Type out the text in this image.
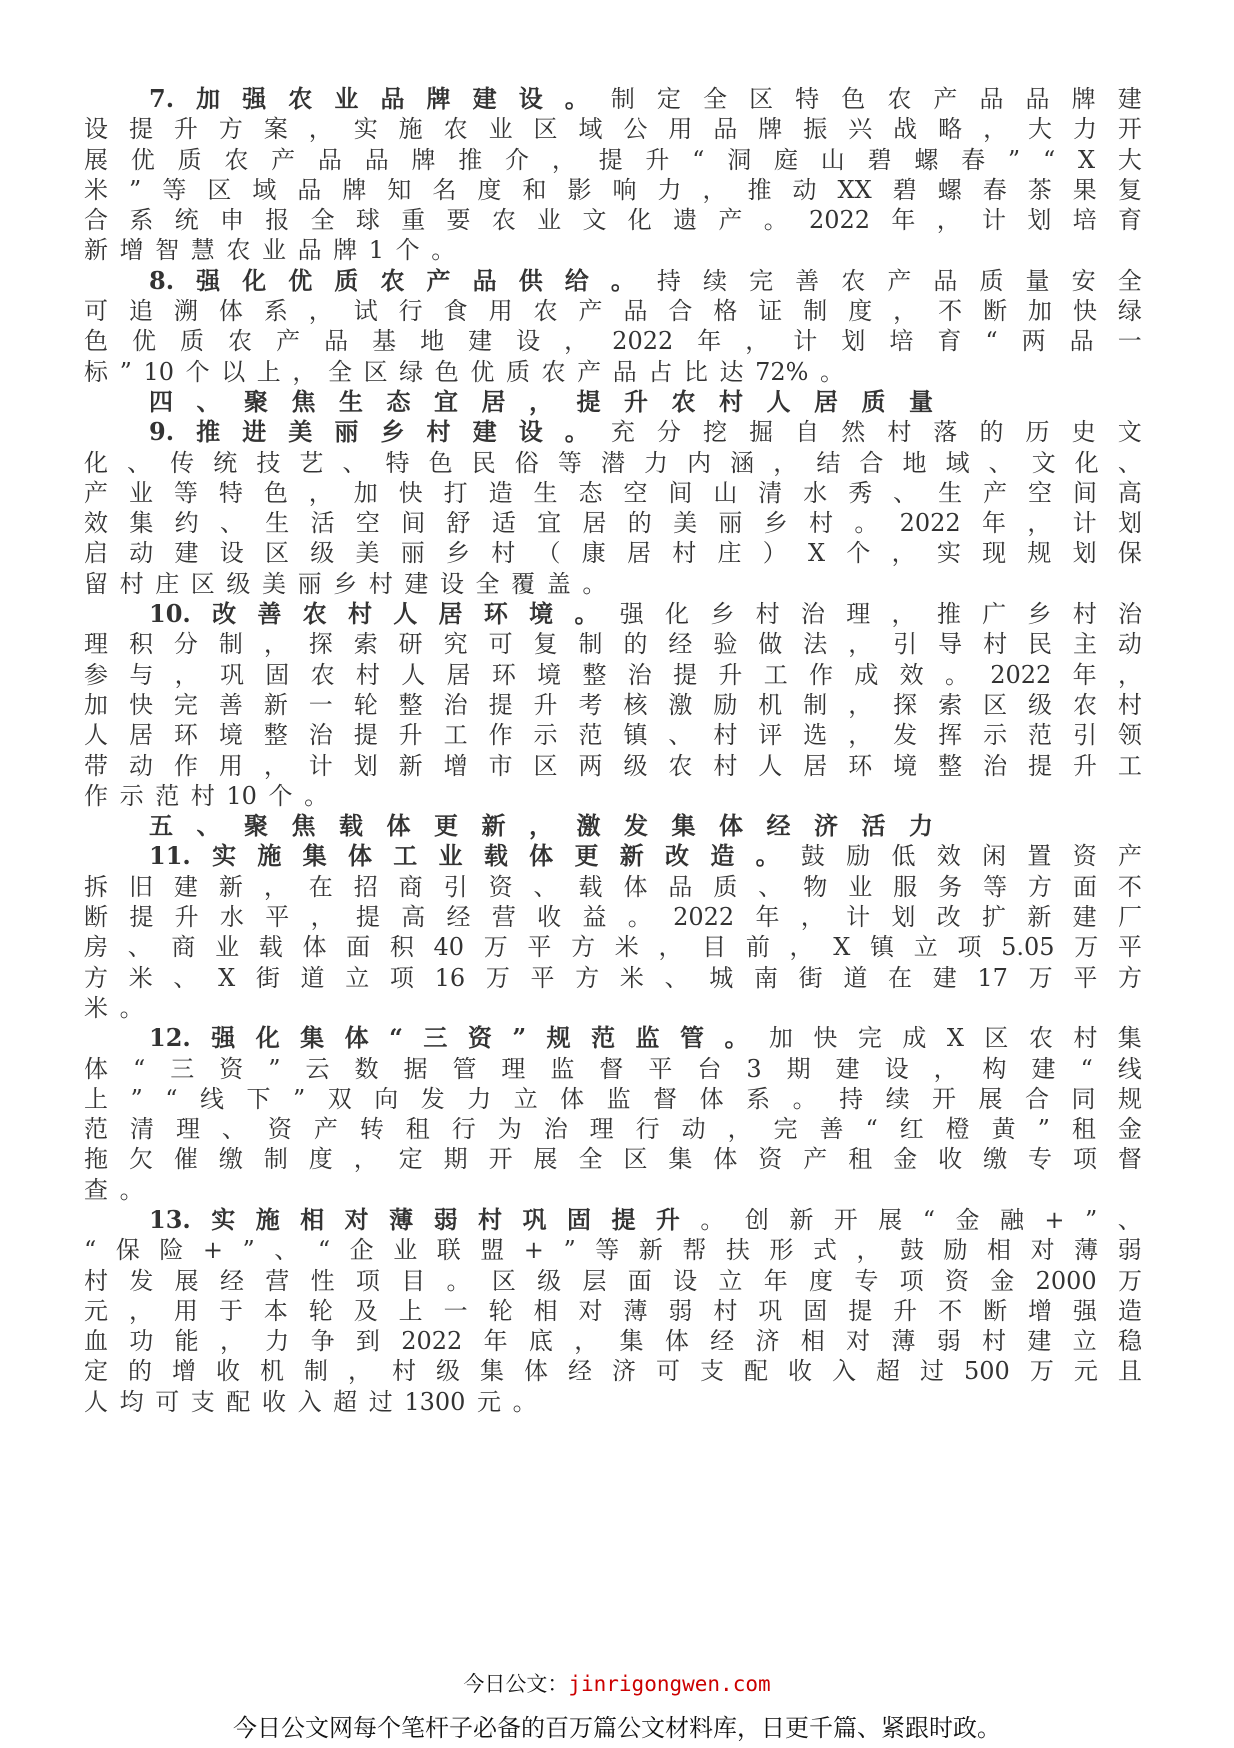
7. 加 强 农 业 品 牌 建 设 。 制 定 全 区 特 色 农 产 品 品 牌 建
设 提 升 方 案 ， 实 施 农 业 区 域 公 用 品 牌 振 兴 战 略 ， 大 力 开
展 优 质 农 产 品 品 牌 推 介 ， 提 升 “ 洞 庭 山 碧 螺 春 ” “ X 大
米 ” 等 区 域 品 牌 知 名 度 和 影 响 力 ， 推 动 XX 碧 螺 春 茶 果 复
合 系 统 申 报 全 球 重 要 农 业 文 化 遗 产 。 2022 年 ， 计 划 培 育
新 增 智 慧 农 业 品 牌 1 个 。
8. 强 化 优 质 农 产 品 供 给 。 持 续 完 善 农 产 品 质 量 安 全
可 追 溯 体 系 ， 试 行 食 用 农 产 品 合 格 证 制 度 ， 不 断 加 快 绿
色 优 质 农 产 品 基 地 建 设 ， 2022 年 ， 计 划 培 育 “ 两 品 一
标 ” 10 个 以 上 ， 全 区 绿 色 优 质 农 产 品 占 比 达 72% 。
四 、 聚 焦 生 态 宜 居 ， 提 升 农 村 人 居 质 量
9. 推 进 美 丽 乡 村 建 设 。 充 分 挖 掘 自 然 村 落 的 历 史 文
化 、 传 统 技 艺 、 特 色 民 俗 等 潜 力 内 涵 ， 结 合 地 域 、 文 化 、
产 业 等 特 色 ， 加 快 打 造 生 态 空 间 山 清 水 秀 、 生 产 空 间 高
效 集 约 、 生 活 空 间 舒 适 宜 居 的 美 丽 乡 村 。 2022 年 ， 计 划
启 动 建 设 区 级 美 丽 乡 村 （ 康 居 村 庄 ） X 个 ， 实 现 规 划 保
留 村 庄 区 级 美 丽 乡 村 建 设 全 覆 盖 。
10. 改 善 农 村 人 居 环 境 。 强 化 乡 村 治 理 ， 推 广 乡 村 治
理 积 分 制 ， 探 索 研 究 可 复 制 的 经 验 做 法 ， 引 导 村 民 主 动
参 与 ， 巩 固 农 村 人 居 环 境 整 治 提 升 工 作 成 效 。 2022 年 ，
加 快 完 善 新 一 轮 整 治 提 升 考 核 激 励 机 制 ， 探 索 区 级 农 村
人 居 环 境 整 治 提 升 工 作 示 范 镇 、 村 评 选 ， 发 挥 示 范 引 领
带 动 作 用 ， 计 划 新 增 市 区 两 级 农 村 人 居 环 境 整 治 提 升 工
作 示 范 村 10 个 。
五 、 聚 焦 载 体 更 新 ， 激 发 集 体 经 济 活 力
11. 实 施 集 体 工 业 载 体 更 新 改 造 。 鼓 励 低 效 闲 置 资 产
拆 旧 建 新 ， 在 招 商 引 资 、 载 体 品 质 、 物 业 服 务 等 方 面 不
断 提 升 水 平 ， 提 高 经 营 收 益 。 2022 年 ， 计 划 改 扩 新 建 厂
房 、 商 业 载 体 面 积 40 万 平 方 米 ， 目 前 ， X 镇 立 项 5.05 万 平
方 米 、 X 街 道 立 项 16 万 平 方 米 、 城 南 街 道 在 建 17 万 平 方
米 。
12. 强 化 集 体 “ 三 资 ” 规 范 监 管 。 加 快 完 成 X 区 农 村 集
体 “ 三 资 ” 云 数 据 管 理 监 督 平 台 3 期 建 设 ， 构 建 “ 线
上 ” “ 线 下 ” 双 向 发 力 立 体 监 督 体 系 。 持 续 开 展 合 同 规
范 清 理 、 资 产 转 租 行 为 治 理 行 动 ， 完 善 “ 红 橙 黄 ” 租 金
拖 欠 催 缴 制 度 ， 定 期 开 展 全 区 集 体 资 产 租 金 收 缴 专 项 督
查 。
13. 实 施 相 对 薄 弱 村 巩 固 提 升 。 创 新 开 展 “ 金 融 + ” 、
“ 保 险 + ” 、 “ 企 业 联 盟 + ” 等 新 帮 扶 形 式 ， 鼓 励 相 对 薄 弱
村 发 展 经 营 性 项 目 。 区 级 层 面 设 立 年 度 专 项 资 金 2000 万
元 ， 用 于 本 轮 及 上 一 轮 相 对 薄 弱 村 巩 固 提 升 不 断 增 强 造
血 功 能 ， 力 争 到 2022 年 底 ， 集 体 经 济 相 对 薄 弱 村 建 立 稳
定 的 增 收 机 制 ， 村 级 集 体 经 济 可 支 配 收 入 超 过 500 万 元 且
人 均 可 支 配 收 入 超 过 1300 元 。
今日公文：jinrigongwen.com
今日公文网每个笔杆子必备的百万篇公文材料库，日更千篇、紧跟时政。
